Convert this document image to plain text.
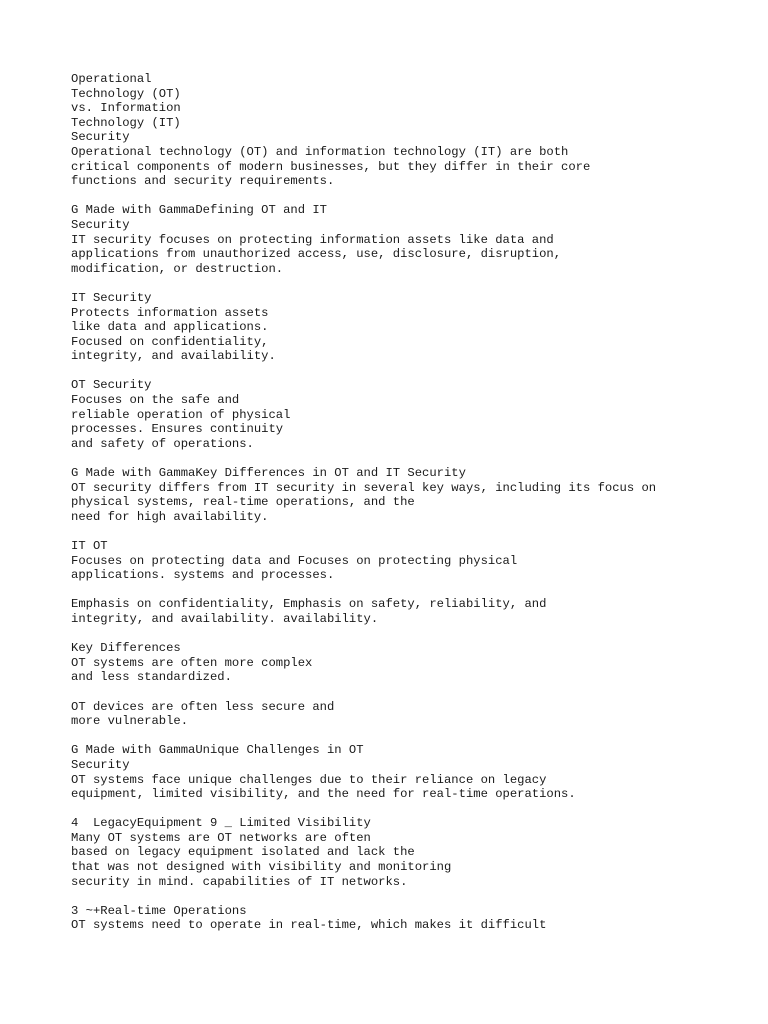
Operational
Technology (OT)
vs. Information
Technology (IT)
Security
Operational technology (OT) and information technology (IT) are both
critical components of modern businesses, but they differ in their core
functions and security requirements.
G Made with GammaDefining OT and IT
Security
IT security focuses on protecting information assets like data and
applications from unauthorized access, use, disclosure, disruption,
modification, or destruction.
IT Security
Protects information assets
like data and applications.
Focused on confidentiality,
integrity, and availability.
OT Security
Focuses on the safe and
reliable operation of physical
processes. Ensures continuity
and safety of operations.
G Made with GammaKey Differences in OT and IT Security
OT security differs from IT security in several key ways, including its focus on
physical systems, real-time operations, and the
need for high availability.
IT OT
Focuses on protecting data and Focuses on protecting physical
applications. systems and processes.
Emphasis on confidentiality, Emphasis on safety, reliability, and
integrity, and availability. availability.
Key Differences
OT systems are often more complex
and less standardized.
OT devices are often less secure and
more vulnerable.
G Made with GammaUnique Challenges in OT
Security
OT systems face unique challenges due to their reliance on legacy
equipment, limited visibility, and the need for real-time operations.
4  LegacyEquipment 9 _ Limited Visibility
Many OT systems are OT networks are often
based on legacy equipment isolated and lack the
that was not designed with visibility and monitoring
security in mind. capabilities of IT networks.
3 ~+Real-time Operations
OT systems need to operate in real-time, which makes it difficult
